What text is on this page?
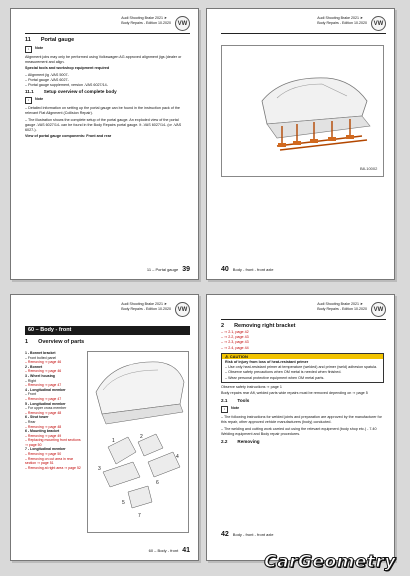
Audi Shooting Brake 2021 ➤
Body Repairs - Edition 10.2020	VW
11 Portal gauge
i	Note
Alignment jobs may only be performed using Volkswagen AG approved alignment jigs (dealer or measurement and align.
Special tools and workshop equipment required
– Alignment jig -VAS 5007-
– Portal gauge -VAS 6027-
– Portal gauge supplement, version -VAS 6027/14-
11.1 Setup overview of complete body
i	Note
– Detailed information on setting up the portal gauge can be found in the instruction pack of the relevant Flat Alignment (Collision Repair).
– The illustration shows the complete setup of the portal gauge. An exploded view of the portal gauge -VAS 6027/14- can be found in the Body Repairs portal gauge. It -VAS 6027/14- (or -VAS 6027-).
View of portal gauge components: Front and rear
11 – Portal gauge 39
Audi Shooting Brake 2021 ➤
Body Repairs - Edition 10.2020	VW
B8-10002
40 Body - front - front axle
Audi Shooting Brake 2021 ➤
Body Repairs - Edition 10.2020	VW
60 – Body - front
1 Overview of parts
1 - Bonnet bracket
– Front bolted panel
– Removing ⇒ page 46
2 - Bonnet
– Removing ⇒ page 46
3 - Wheel housing
– Right
– Removing ⇒ page 47
4 - Longitudinal member
– Front
– Removing ⇒ page 47
5 - Longitudinal member
– For upper cross member
– Removing ⇒ page 48
6 - Strut tower
– Rear
– Removing ⇒ page 48
6 - Mounting bracket
– Removing ⇒ page 49
– Replacing mounting front sections ⇒ page 50
7 - Longitudinal member
– Removing ⇒ page 50
– Removing on cut area in rear section ⇒ page 51
– Removing at right area ⇒ page 52
1
2
3
4
5
6
7
60 – Body - front 41
Audi Shooting Brake 2021 ➤
Body Repairs - Edition 10.2020	VW
2 Removing right bracket
– ⇒ 2.1, page 42
– ⇒ 2.2, page 43
– ⇒ 2.3, page 43
– ⇒ 2.4, page 44
⚠ CAUTION
Risk of injury from loss of heat-resistant primer
– Use only heat-resistant primer at temperature (welded) and primer (weld) adhesion spatula.
– Observe safety precautions when OM metal is needed when finished.
– Wear personal protective equipment when OM metal parts.
Observe safety instructions ⇒ page 1
Body repairs rear Aft, welded parts wide repairs must be removed depending on ⇒ page 5
2.1 Tools
i	Note
– The following instructions for welded joints and preparation are approved by the manufacturer for this repair, other approved vehicle manufacturers (body) conducted.
– The welding and cutting work carried out using the relevant equipment (body shop etc.) - 7.40 Welding equipment and Body repair procedures.
2.2 Removing
42 Body - front - front axle
CarGeometry
